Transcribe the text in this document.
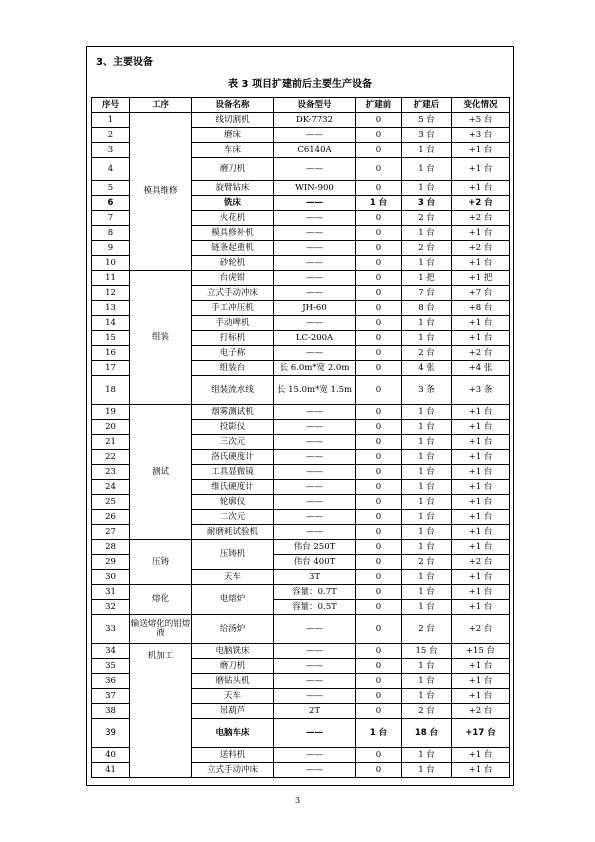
3、主要设备
表 3 项目扩建前后主要生产设备
序号	工序	设备名称	设备型号	扩建前	扩建后	变化情况
1	模具维修	线切割机	DK-7732	0	5 台	+5 台
2		磨床	——	0	3 台	+3 台
3		车床	C6140A	0	1 台	+1 台
4		磨刀机	——	0	1 台	+1 台
5		旋臂钻床	WIN-900	0	1 台	+1 台
6		铣床	——	1 台	3 台	+2 台
7		火花机	——	0	2 台	+2 台
8		模具修补机	——	0	1 台	+1 台
9		链条起重机	——	0	2 台	+2 台
10		砂轮机	——	0	1 台	+1 台
11	组装	台虎钳	——	0	1 把	+1 把
12		立式手动冲床	——	0	7 台	+7 台
13		手工冲压机	JH-60	0	8 台	+8 台
14		手动啤机	——	0	1 台	+1 台
15		打标机	LC-200A	0	1 台	+1 台
16		电子称	——	0	2 台	+2 台
17		组装台	长 6.0m*宽 2.0m	0	4 张	+4 张
18		组装流水线	长 15.0m*宽 1.5m	0	3 条	+3 条
19	测试	烟雾测试机	——	0	1 台	+1 台
20		投影仪	——	0	1 台	+1 台
21		三次元	——	0	1 台	+1 台
22		洛氏硬度计	——	0	1 台	+1 台
23		工具显微镜	——	0	1 台	+1 台
24		维氏硬度计	——	0	1 台	+1 台
25		轮廓仪	——	0	1 台	+1 台
26		二次元	——	0	1 台	+1 台
27		耐磨耗试验机	——	0	1 台	+1 台
28	压铸	压铸机	伟台 250T	0	1 台	+1 台
29			伟台 400T	0	2 台	+2 台
30		天车	3T	0	1 台	+1 台
31	熔化	电熔炉	容量：0.7T	0	1 台	+1 台
32			容量：0.5T	0	1 台	+1 台
33	输送熔化的铝熔液	给汤炉	——	0	2 台	+2 台
34	机加工	电脑铣床	——	0	15 台	+15 台
35		磨刀机	——	0	1 台	+1 台
36		磨钻头机	——	0	1 台	+1 台
37		天车	——	0	1 台	+1 台
38		吊葫芦	2T	0	2 台	+2 台
39		电脑车床	——	1 台	18 台	+17 台
40		送料机	——	0	1 台	+1 台
41		立式手动冲床	——	0	1 台	+1 台
3
